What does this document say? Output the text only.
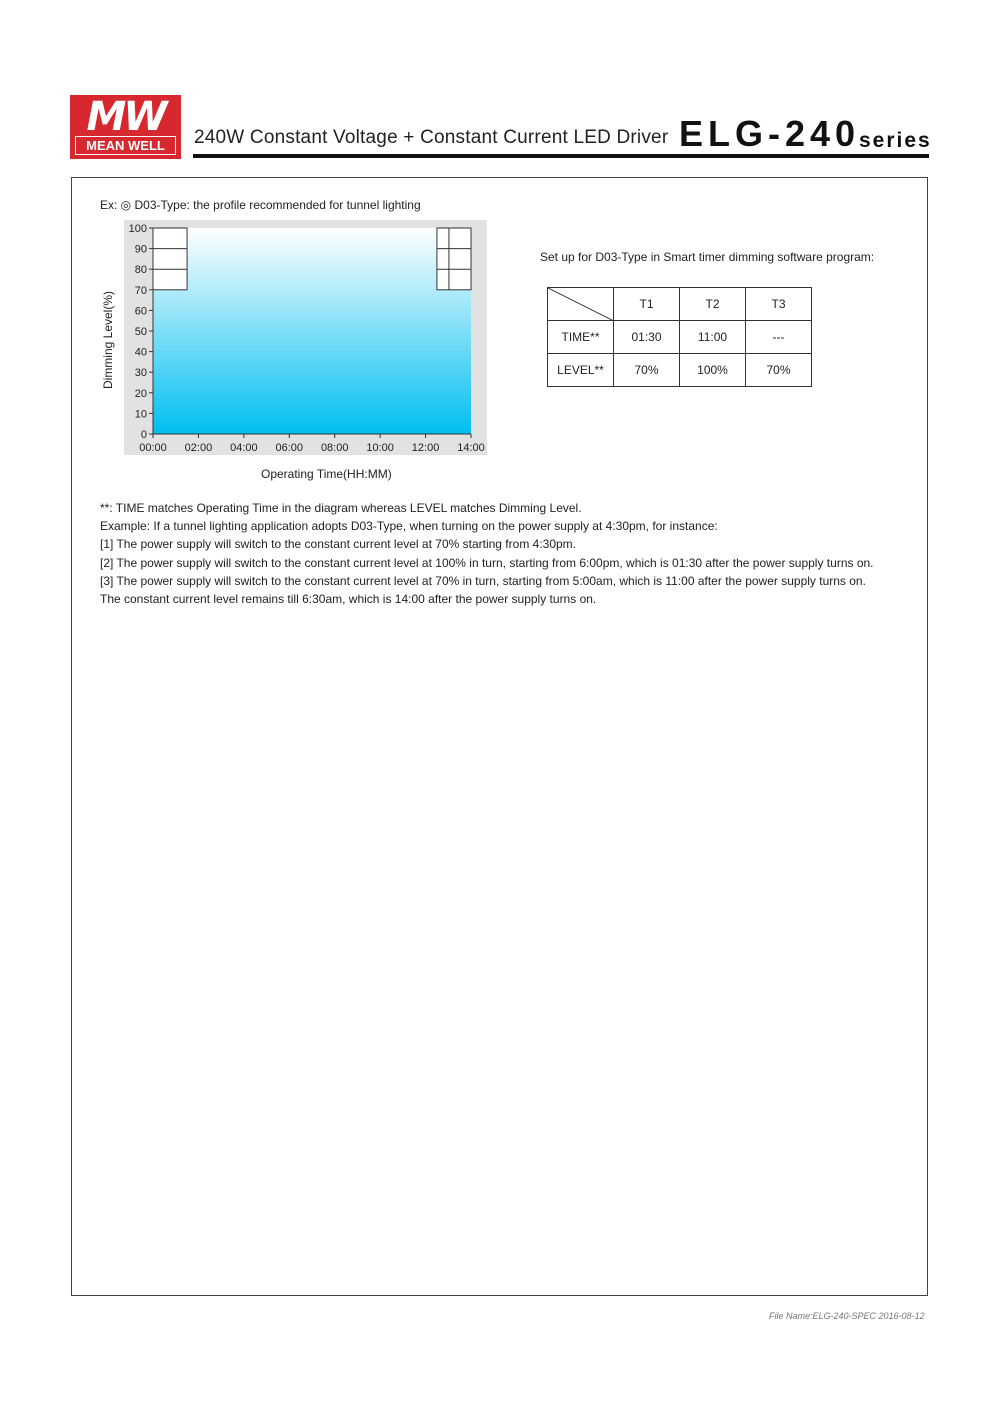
MW
MEAN WELL	240W Constant Voltage + Constant Current LED Driver ELG-240
series
Ex: ◎ D03-Type: the profile recommended for tunnel lighting
0
10
20
30
40
50
60
70
80
90
100
00:00 02:00 04:00 06:00 08:00 10:00 12:00 14:00
Dimming Level(%)
Operating Time(HH:MM)
Set up for D03-Type in Smart timer dimming software program:
	T1	T2	T3
TIME**	01:30	11:00	---
LEVEL**	70%	100%	70%
**: TIME matches Operating Time in the diagram whereas LEVEL matches Dimming Level.
Example: If a tunnel lighting application adopts D03-Type, when turning on the power supply at 4:30pm, for instance:
[1] The power supply will switch to the constant current level at 70% starting from 4:30pm.
[2] The power supply will switch to the constant current level at 100% in turn, starting from 6:00pm, which is 01:30 after the power supply turns on.
[3] The power supply will switch to the constant current level at 70% in turn, starting from 5:00am, which is 11:00 after the power supply turns on.
The constant current level remains till 6:30am, which is 14:00 after the power supply turns on.
File Name:ELG-240-SPEC 2016-08-12
